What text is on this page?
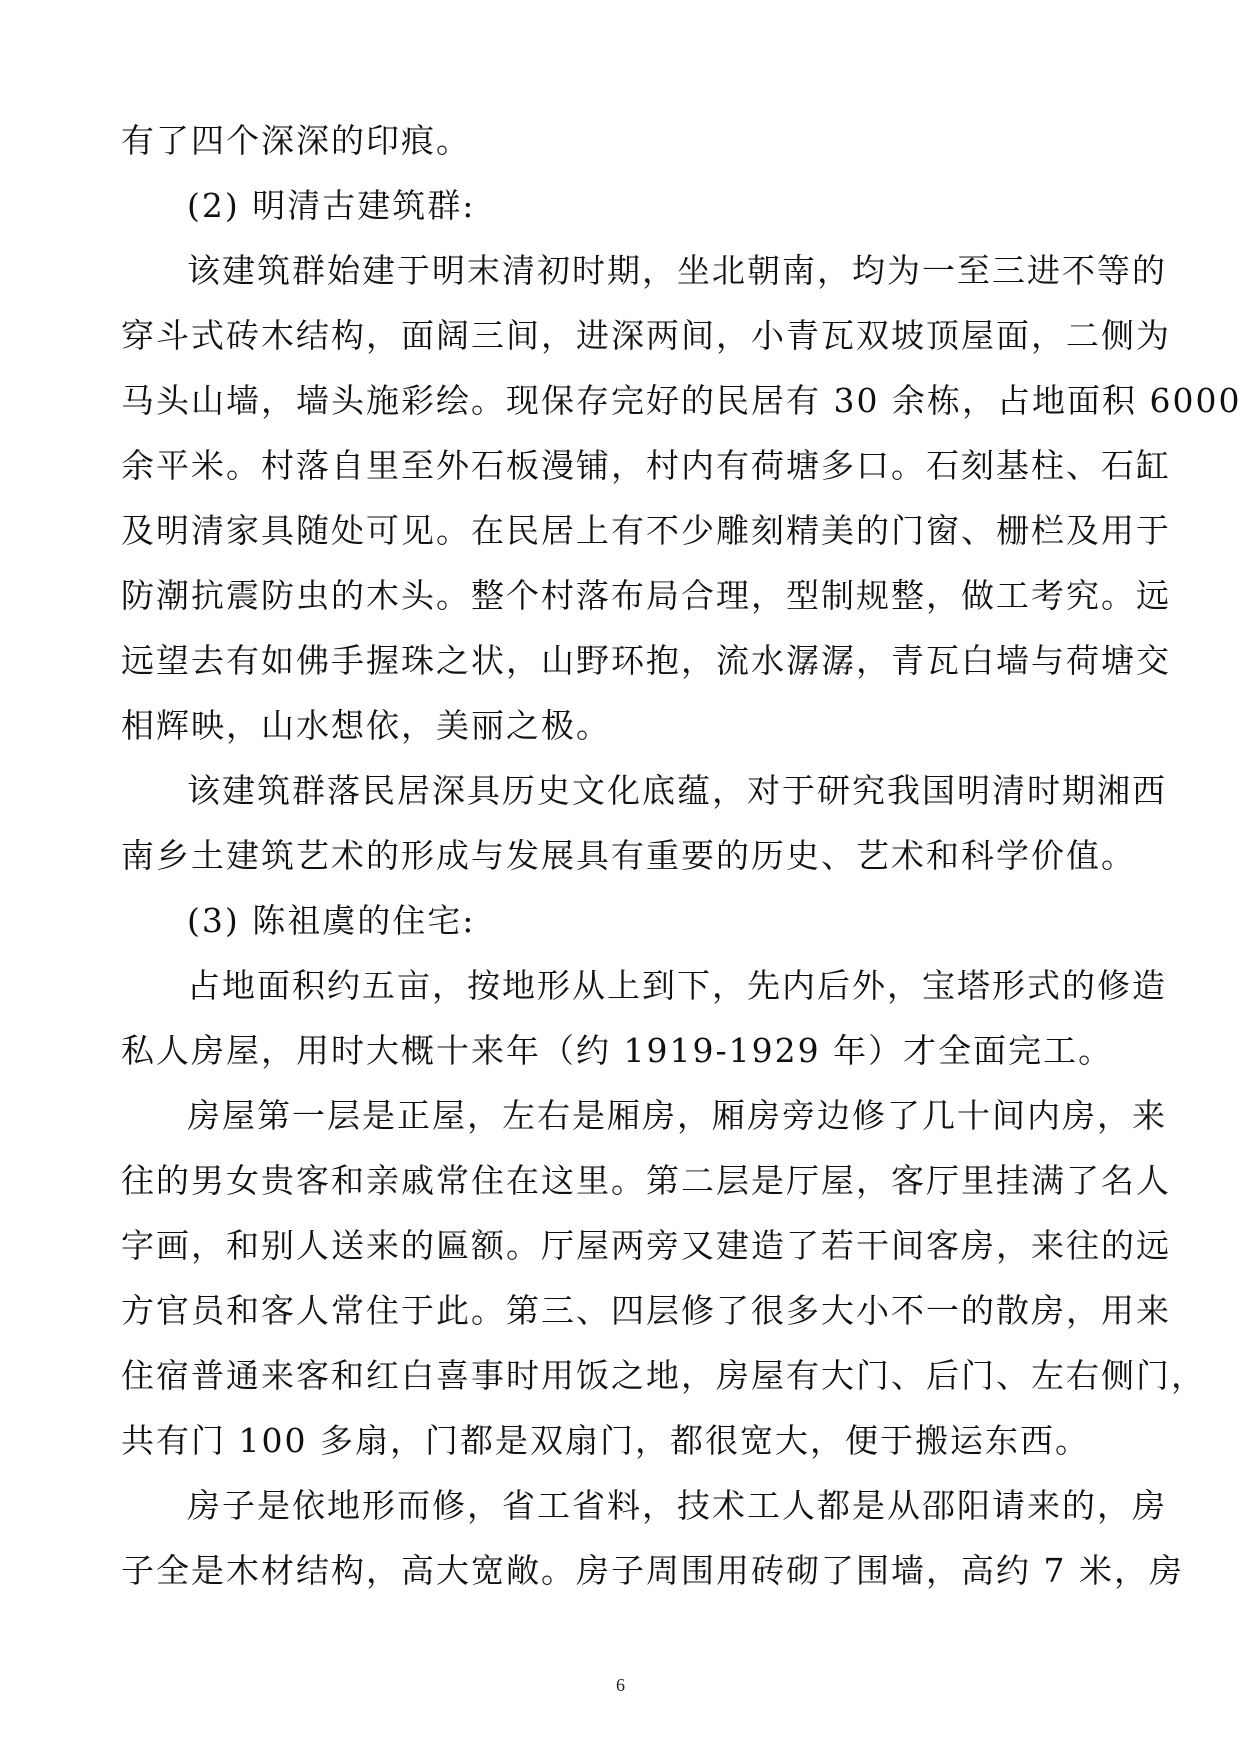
有了四个深深的印痕。
(2) 明清古建筑群:
该建筑群始建于明末清初时期，坐北朝南，均为一至三进不等的
穿斗式砖木结构，面阔三间，进深两间，小青瓦双坡顶屋面，二侧为
马头山墙，墙头施彩绘。现保存完好的民居有 30 余栋，占地面积 6000
余平米。村落自里至外石板漫铺，村内有荷塘多口。石刻基柱、石缸
及明清家具随处可见。在民居上有不少雕刻精美的门窗、栅栏及用于
防潮抗震防虫的木头。整个村落布局合理，型制规整，做工考究。远
远望去有如佛手握珠之状，山野环抱，流水潺潺，青瓦白墙与荷塘交
相辉映，山水想依，美丽之极。
该建筑群落民居深具历史文化底蕴，对于研究我国明清时期湘西
南乡土建筑艺术的形成与发展具有重要的历史、艺术和科学价值。
(3) 陈祖虞的住宅:
占地面积约五亩，按地形从上到下，先内后外，宝塔形式的修造
私人房屋，用时大概十来年（约 1919-1929 年）才全面完工。
房屋第一层是正屋，左右是厢房，厢房旁边修了几十间内房，来
往的男女贵客和亲戚常住在这里。第二层是厅屋，客厅里挂满了名人
字画，和别人送来的匾额。厅屋两旁又建造了若干间客房，来往的远
方官员和客人常住于此。第三、四层修了很多大小不一的散房，用来
住宿普通来客和红白喜事时用饭之地，房屋有大门、后门、左右侧门，
共有门 100 多扇，门都是双扇门，都很宽大，便于搬运东西。
房子是依地形而修，省工省料，技术工人都是从邵阳请来的，房
子全是木材结构，高大宽敞。房子周围用砖砌了围墙，高约 7 米，房
6
